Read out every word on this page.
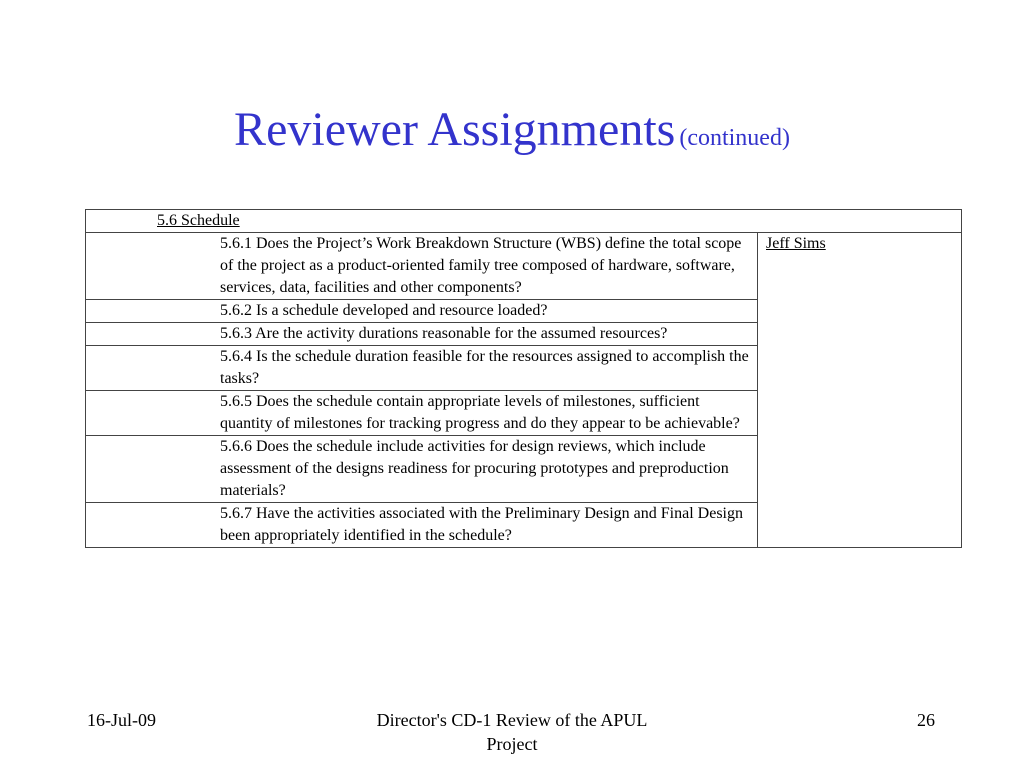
Reviewer Assignments (continued)
5.6 Schedule
5.6.1 Does the Project’s Work Breakdown Structure (WBS) define the total scope of the project as a product-oriented family tree composed of hardware, software, services, data, facilities and other components?	Jeff Sims
5.6.2 Is a schedule developed and resource loaded?
5.6.3 Are the activity durations reasonable for the assumed resources?
5.6.4 Is the schedule duration feasible for the resources assigned to accomplish the tasks?
5.6.5 Does the schedule contain appropriate levels of milestones, sufficient quantity of milestones for tracking progress and do they appear to be achievable?
5.6.6 Does the schedule include activities for design reviews, which include assessment of the designs readiness for procuring prototypes and preproduction materials?
5.6.7 Have the activities associated with the Preliminary Design and Final Design been appropriately identified in the schedule?
16-Jul-09	Director's CD-1 Review of the APUL
Project
26
